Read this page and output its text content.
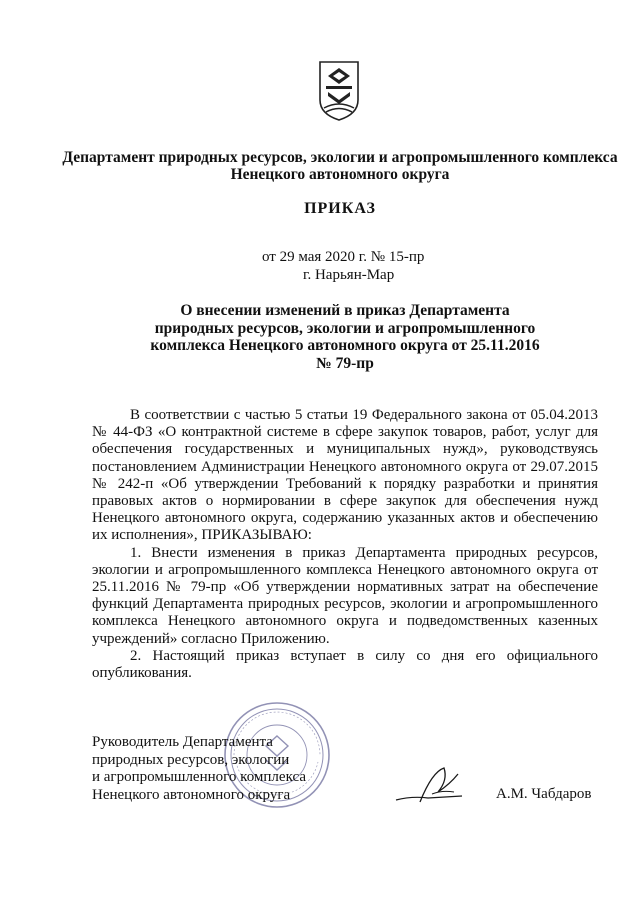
Департамент природных ресурсов, экологии и агропромышленного комплекса Ненецкого автономного округа
ПРИКАЗ
от 29 мая 2020 г. № 15-пр
г. Нарьян-Мар
О внесении изменений в приказ Департамента природных ресурсов, экологии и агропромышленного комплекса Ненецкого автономного округа от 25.11.2016 № 79-пр

В соответствии с частью 5 статьи 19 Федерального закона от 05.04.2013 № 44-ФЗ «О контрактной системе в сфере закупок товаров, работ, услуг для обеспечения государственных и муниципальных нужд», руководствуясь постановлением Администрации Ненецкого автономного округа от 29.07.2015 № 242-п «Об утверждении Требований к порядку разработки и принятия правовых актов о нормировании в сфере закупок для обеспечения нужд Ненецкого автономного округа, содержанию указанных актов и обеспечению их исполнения», ПРИКАЗЫВАЮ:

1. Внести изменения в приказ Департамента природных ресурсов, экологии и агропромышленного комплекса Ненецкого автономного округа от 25.11.2016 № 79-пр «Об утверждении нормативных затрат на обеспечение функций Департамента природных ресурсов, экологии и агропромышленного комплекса Ненецкого автономного округа и подведомственных казенных учреждений» согласно Приложению.

2. Настоящий приказ вступает в силу со дня его официального опубликования.

Руководитель Департамента
природных ресурсов, экологии
и агропромышленного комплекса
Ненецкого автономного округа	А.М. Чабдаров
